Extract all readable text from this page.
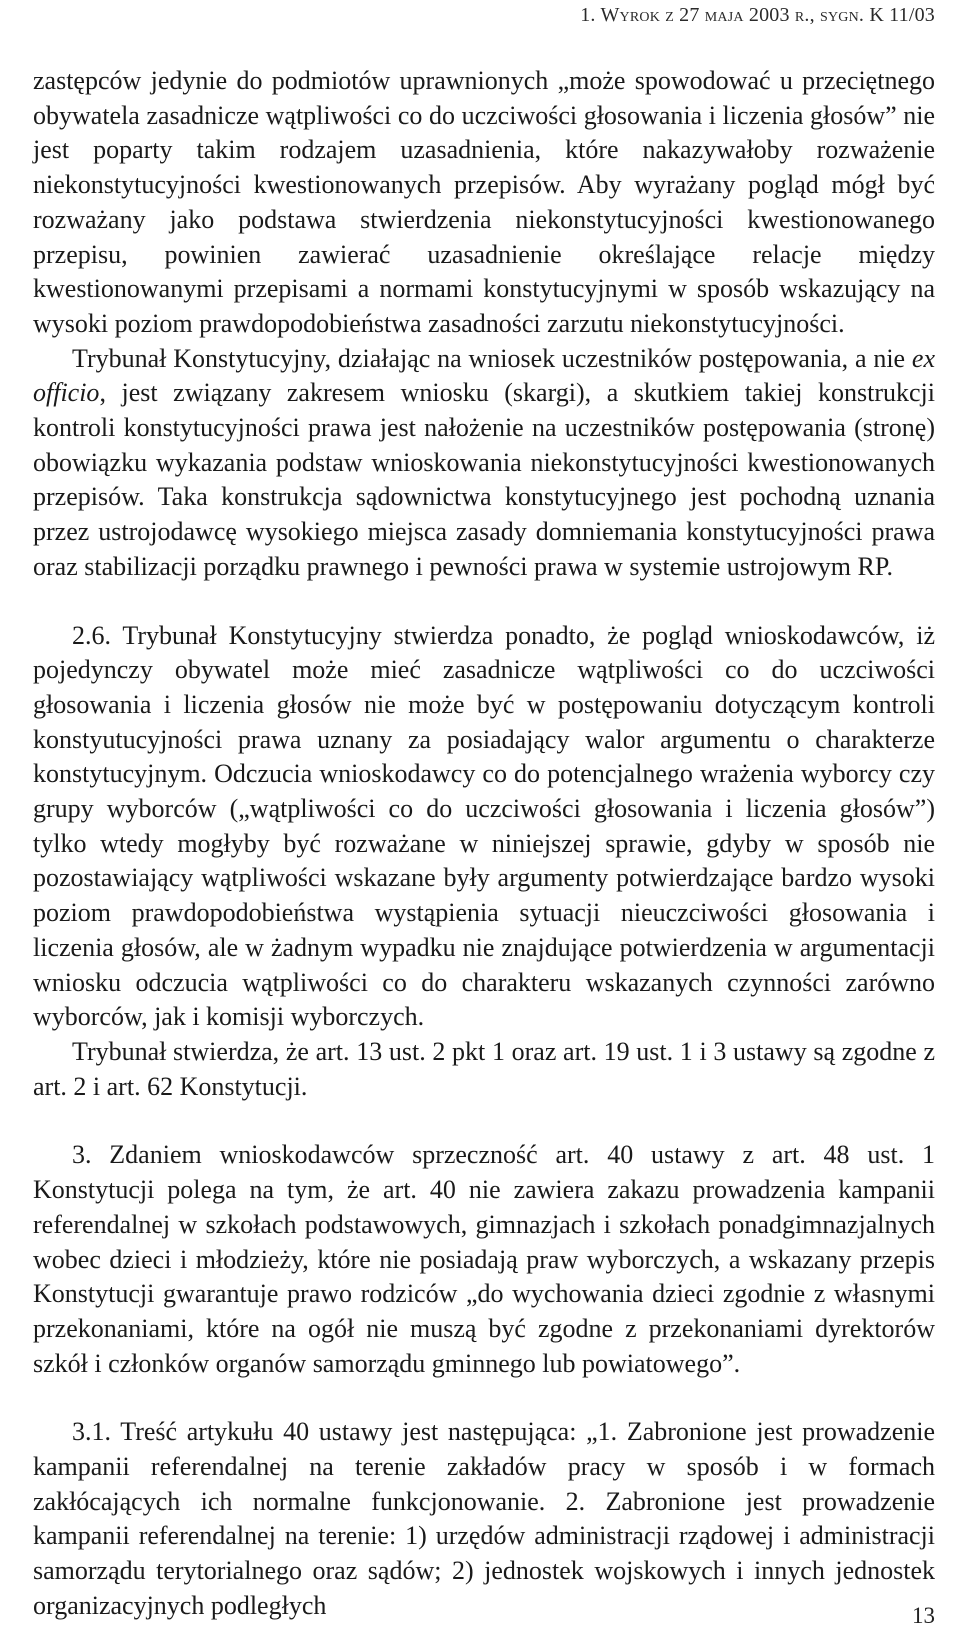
1. Wyrok z 27 maja 2003 r., sygn. K 11/03

zastępców jedynie do podmiotów uprawnionych „może spowodować u przeciętnego obywatela zasadnicze wątpliwości co do uczciwości głosowania i liczenia głosów” nie jest poparty takim rodzajem uzasadnienia, które nakazywałoby rozważenie niekonstytucyjności kwestionowanych przepisów. Aby wyrażany pogląd mógł być rozważany jako podstawa stwierdzenia niekonstytucyjności kwestionowanego przepisu, powinien zawierać uzasadnienie określające relacje między kwestionowanymi przepisami a normami konstytucyjnymi w sposób wskazujący na wysoki poziom prawdopodobieństwa zasadności zarzutu niekonstytucyjności.

Trybunał Konstytucyjny, działając na wniosek uczestników postępowania, a nie ex officio, jest związany zakresem wniosku (skargi), a skutkiem takiej konstrukcji kontroli konstytucyjności prawa jest nałożenie na uczestników postępowania (stronę) obowiązku wykazania podstaw wnioskowania niekonstytucyjności kwestionowanych przepisów. Taka konstrukcja sądownictwa konstytucyjnego jest pochodną uznania przez ustrojodawcę wysokiego miejsca zasady domniemania konstytucyjności prawa oraz stabilizacji porządku prawnego i pewności prawa w systemie ustrojowym RP.

2.6. Trybunał Konstytucyjny stwierdza ponadto, że pogląd wnioskodawców, iż pojedynczy obywatel może mieć zasadnicze wątpliwości co do uczciwości głosowania i liczenia głosów nie może być w postępowaniu dotyczącym kontroli konstyutucyjności prawa uznany za posiadający walor argumentu o charakterze konstytucyjnym. Odczucia wnioskodawcy co do potencjalnego wrażenia wyborcy czy grupy wyborców („wątpliwości co do uczciwości głosowania i liczenia głosów”) tylko wtedy mogłyby być rozważane w niniejszej sprawie, gdyby w sposób nie pozostawiający wątpliwości wskazane były argumenty potwierdzające bardzo wysoki poziom prawdopodobieństwa wystąpienia sytuacji nieuczciwości głosowania i liczenia głosów, ale w żadnym wypadku nie znajdujące potwierdzenia w argumentacji wniosku odczucia wątpliwości co do charakteru wskazanych czynności zarówno wyborców, jak i komisji wyborczych.

Trybunał stwierdza, że art. 13 ust. 2 pkt 1 oraz art. 19 ust. 1 i 3 ustawy są zgodne z art. 2 i art. 62 Konstytucji.

3. Zdaniem wnioskodawców sprzeczność art. 40 ustawy z art. 48 ust. 1 Konstytucji polega na tym, że art. 40 nie zawiera zakazu prowadzenia kampanii referendalnej w szkołach podstawowych, gimnazjach i szkołach ponadgimnazjalnych wobec dzieci i młodzieży, które nie posiadają praw wyborczych, a wskazany przepis Konstytucji gwarantuje prawo rodziców „do wychowania dzieci zgodnie z własnymi przekonaniami, które na ogół nie muszą być zgodne z przekonaniami dyrektorów szkół i członków organów samorządu gminnego lub powiatowego”.

3.1. Treść artykułu 40 ustawy jest następująca: „1. Zabronione jest prowadzenie kampanii referendalnej na terenie zakładów pracy w sposób i w formach zakłócających ich normalne funkcjonowanie. 2. Zabronione jest prowadzenie kampanii referendalnej na terenie: 1) urzędów administracji rządowej i administracji samorządu terytorialnego oraz sądów; 2) jednostek wojskowych i innych jednostek organizacyjnych podległych	13
